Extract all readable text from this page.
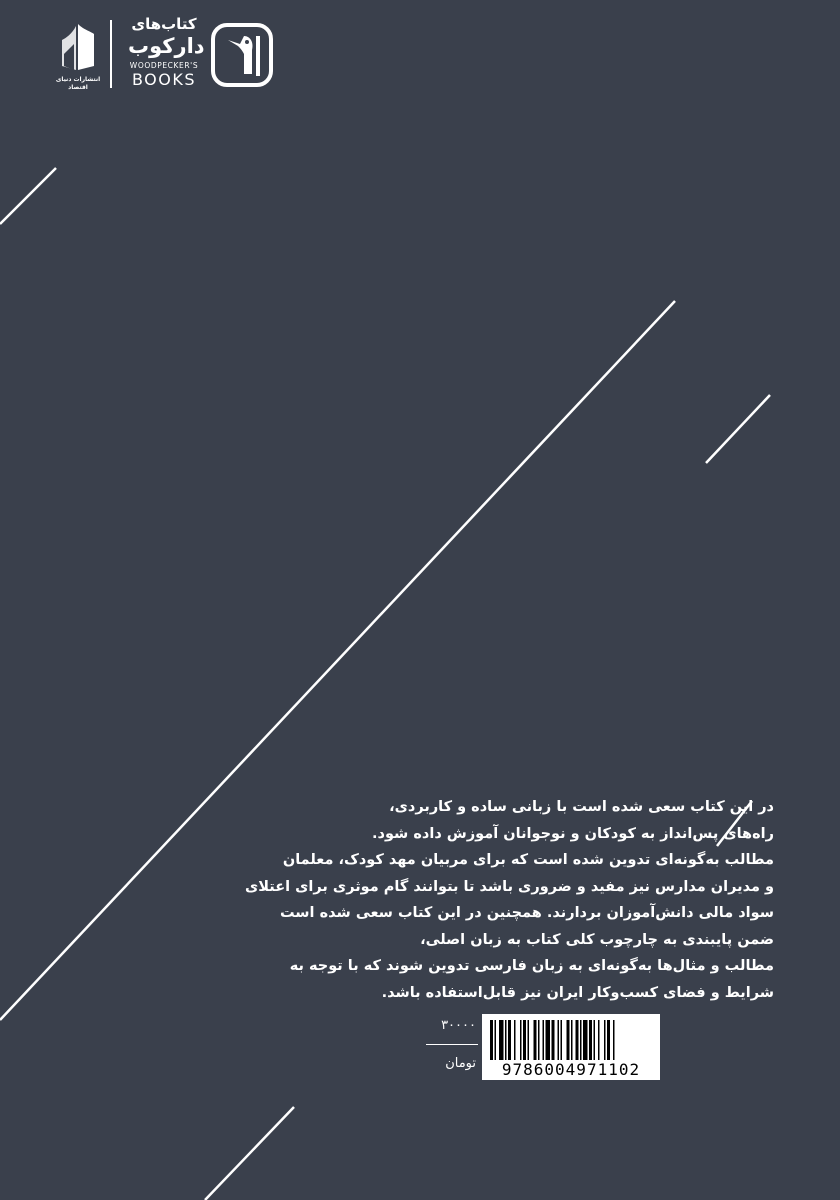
انتشارات دنیای اقتصاد
کتاب‌های
دارکوب
WOODPECKER'S
BOOKS
در این کتاب سعی شده است با زبانی ساده و کاربردی،
راه‌های پس‌انداز به کودکان و نوجوانان آموزش داده شود.
مطالب به‌گونه‌ای تدوین شده است که برای مربیان مهد کودک، معلمان
و مدیران مدارس نیز مفید و ضروری باشد تا بتوانند گام موثری برای اعتلای
سواد مالی دانش‌آموزان بردارند. همچنین در این کتاب سعی شده است
ضمن پایبندی به چارچوب کلی کتاب به زبان اصلی،
مطالب و مثال‌ها به‌گونه‌ای به زبان فارسی تدوین شوند که با توجه به
شرایط و فضای کسب‌وکار ایران نیز قابل‌استفاده باشد.
۳۰۰۰۰
تومان	9786004971102
